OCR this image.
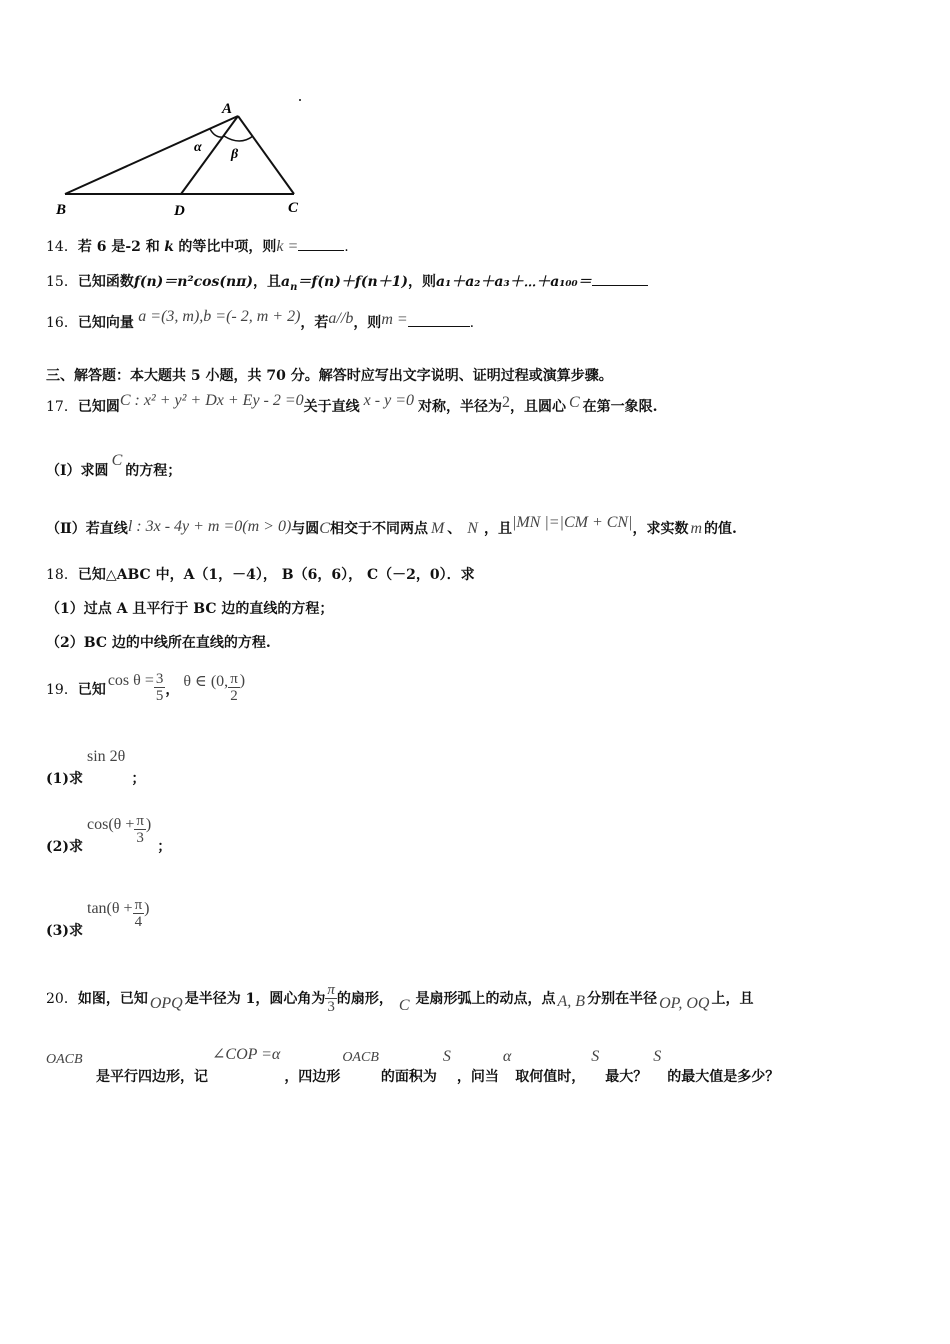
A
B	D	C
α β
14．若 6 是-2 和 k 的等比中项，则k =	.
15．已知函数f(n)＝n²cos(nπ)，且$a_n=f(n)+f(n+1)$，则a₁＋a₂＋a₃＋⋯＋a₁₀₀＝
16．已知向量 a =(3, m),b =(- 2, m + 2)，若a//b，则m =	.
三、解答题：本大题共 5 小题，共 70 分。解答时应写出文字说明、证明过程或演算步骤。
17．已知圆C : x² + y² + Dx + Ey - 2 =0关于直线 x - y =0 对称，半径为2，且圆心 C 在第一象限.
（Ⅰ）求圆C的方程；
（Ⅱ）若直线l : 3x - 4y + m =0(m > 0)与圆C相交于不同两点 M 、 N ，且|MN |=|CM + CN|，求实数 m 的值.
18．已知△ABC 中，A（1，－4）， B（6，6）， C（－2，0）．求
（1）过点 A 且平行于 BC 边的直线的方程；
（2）BC 边的中线所在直线的方程.
19． 已知
$\cos \theta = \frac{3}{5}$ ， θ ∈ (0, $\frac{\pi}{2}$ )
(1)求
sin 2θ
；
(2)求
$\cos(\theta + \frac{\pi}{3}$ )
；
(3)求
$\tan(\theta + \frac{\pi}{4}$ )
20． 如图，已知 OPQ 是半径为 1，圆心角为 $\frac{\pi}{3}$ 的扇形， C 是扇形弧上的动点，点 A, B 分别在半径 OP, OQ 上，且
OACB
是平行四边形，记
∠COP =α
，四边形
OACB
的面积为
S
，问当
α
取何值时，
S
最大？
S
的最大值是多少？
